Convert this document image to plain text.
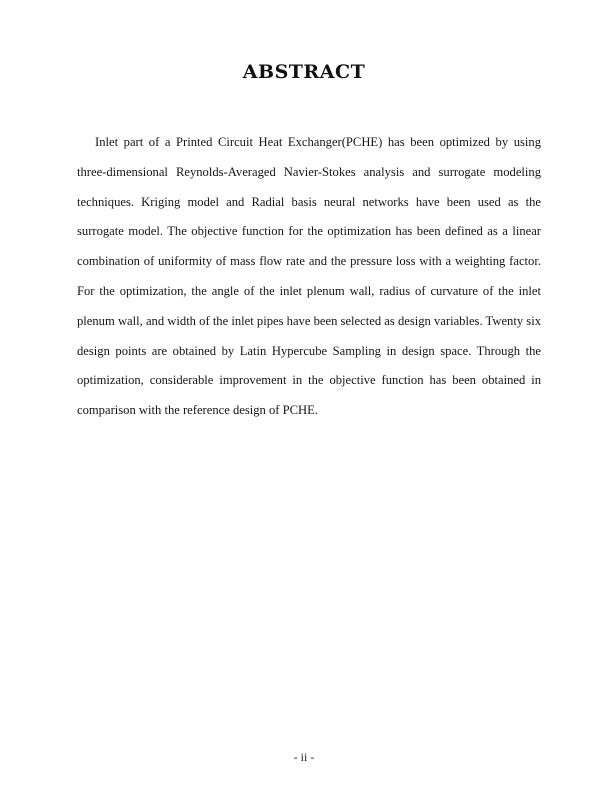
ABSTRACT

Inlet part of a Printed Circuit Heat Exchanger(PCHE) has been optimized by using three-dimensional Reynolds-Averaged Navier-Stokes analysis and surrogate modeling techniques. Kriging model and Radial basis neural networks have been used as the surrogate model. The objective function for the optimization has been defined as a linear combination of uniformity of mass flow rate and the pressure loss with a weighting factor. For the optimization, the angle of the inlet plenum wall, radius of curvature of the inlet plenum wall, and width of the inlet pipes have been selected as design variables. Twenty six design points are obtained by Latin Hypercube Sampling in design space. Through the optimization, considerable improvement in the objective function has been obtained in comparison with the reference design of PCHE.

- ii -
